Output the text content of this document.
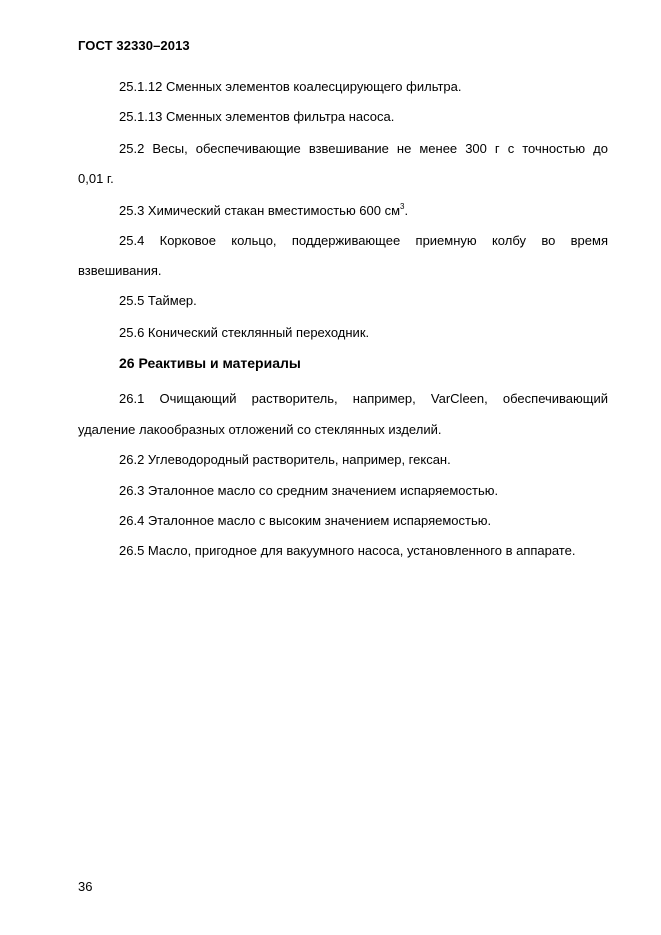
ГОСТ 32330–2013
25.1.12 Сменных элементов коалесцирующего фильтра.
25.1.13 Сменных элементов фильтра насоса.
25.2 Весы, обеспечивающие взвешивание не менее 300 г с точностью до
0,01 г.
25.3 Химический стакан вместимостью 600 $см^3$.
25.4 Корковое кольцо, поддерживающее приемную колбу во время
взвешивания.
25.5 Таймер.
25.6 Конический стеклянный переходник.
26 Реактивы и материалы
26.1 Очищающий растворитель, например, VarCleen, обеспечивающий
удаление лакообразных отложений со стеклянных изделий.
26.2 Углеводородный растворитель, например, гексан.
26.3 Эталонное масло со средним значением испаряемостью.
26.4 Эталонное масло с высоким значением испаряемостью.
26.5 Масло, пригодное для вакуумного насоса, установленного в аппарате.
36
